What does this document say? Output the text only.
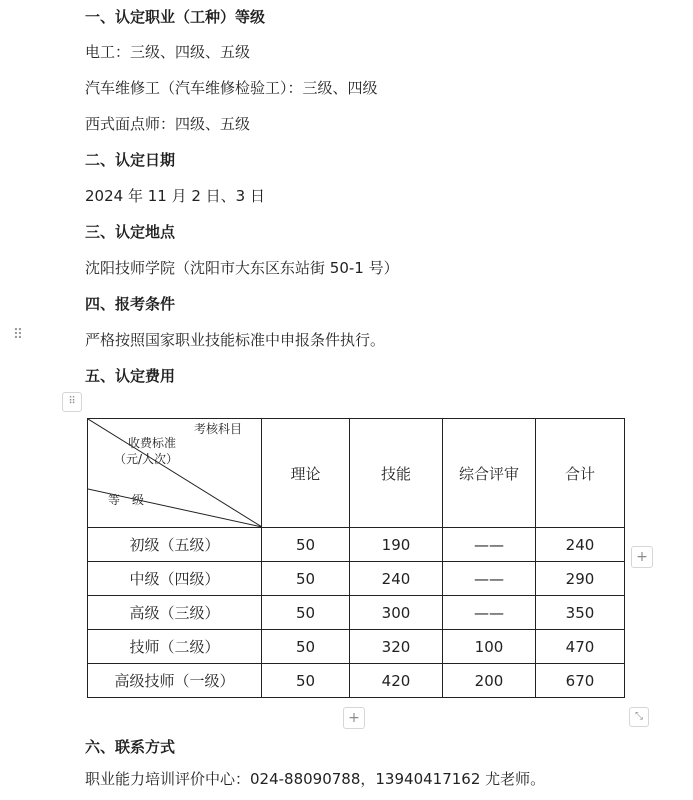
一、认定职业（工种）等级
电工：三级、四级、五级
汽车维修工（汽车维修检验工）：三级、四级
西式面点师：四级、五级
二、认定日期
2024 年 11 月 2 日、3 日
三、认定地点
沈阳技师学院（沈阳市大东区东站街 50-1 号）
四、报考条件
⠿	严格按照国家职业技能标准中申报条件执行。
五、认定费用
⠿
考核科目
收费标准
（元/人次）
等　级	理论	技能	综合评审	合计
初级（五级）	50	190	——	240
中级（四级）	50	240	——	290
高级（三级）	50	300	——	350
技师（二级）	50	320	100	470
高级技师（一级）	50	420	200	670
+
+	⤡
六、联系方式
职业能力培训评价中心：024-88090788，13940417162 尤老师。
